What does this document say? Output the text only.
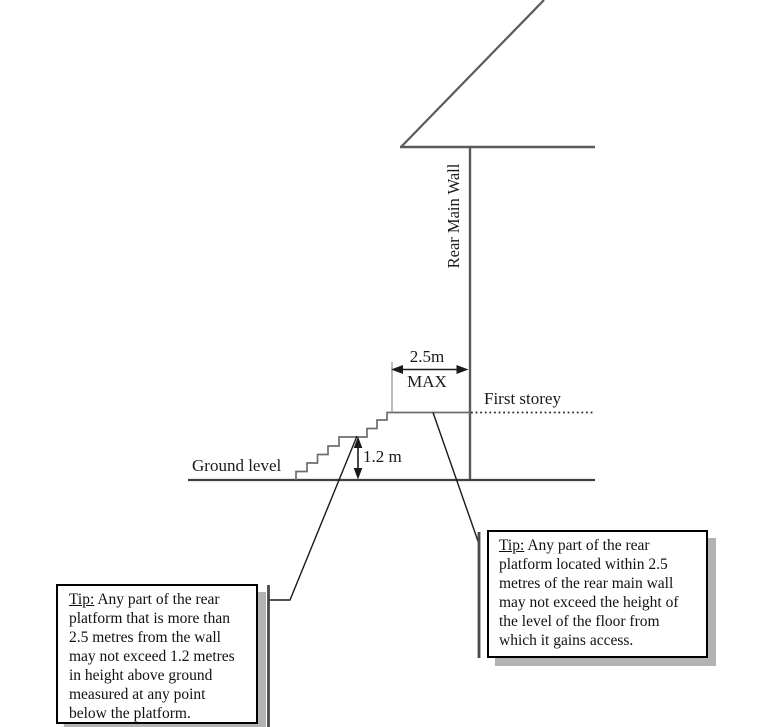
Rear Main Wall
2.5m
MAX
First storey
1.2 m
Ground level
Tip: Any part of the rear
platform that is more than
2.5 metres from the wall
may not exceed 1.2 metres
in height above ground
measured at any point
below the platform.
Tip: Any part of the rear
platform located within 2.5
metres of the rear main wall
may not exceed the height of
the level of the floor from
which it gains access.
